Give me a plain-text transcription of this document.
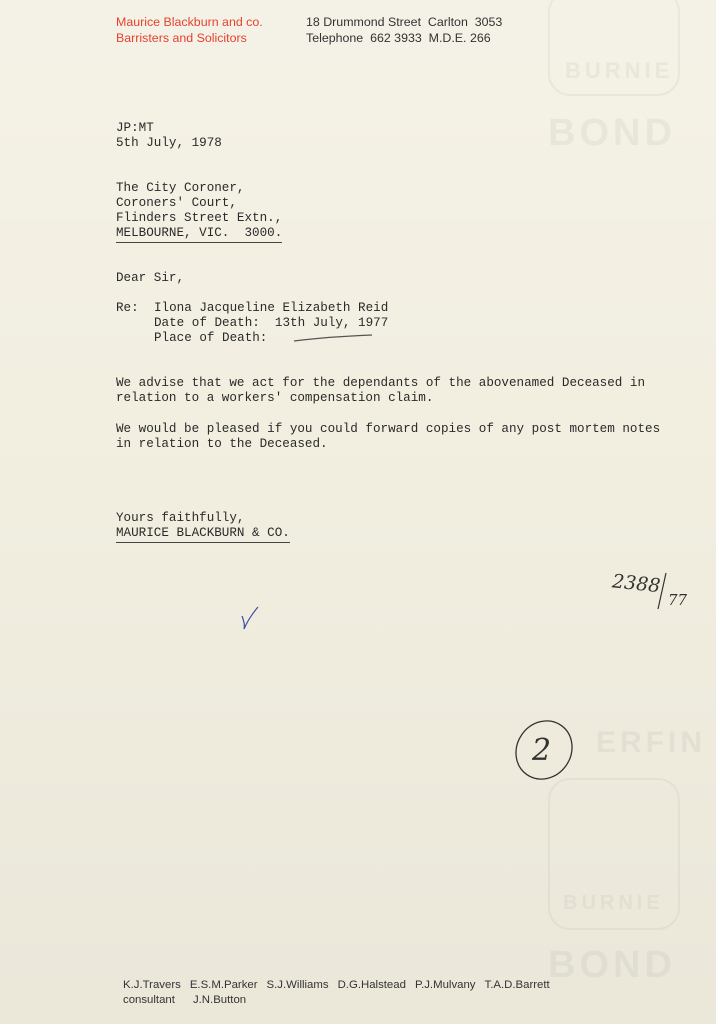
BURNIE
BOND
ERFIN
BURNIE
BOND
Maurice Blackburn and co.
Barristers and Solicitors
18 Drummond Street  Carlton  3053
Telephone  662 3933  M.D.E. 266
JP:MT
5th July, 1978
The City Coroner,
Coroners' Court,
Flinders Street Extn.,
MELBOURNE, VIC.  3000.
Dear Sir,
Re: Ilona Jacqueline Elizabeth Reid
Date of Death:  13th July, 1977
Place of Death:
We advise that we act for the dependants of the abovenamed Deceased in
relation to a workers' compensation claim.
We would be pleased if you could forward copies of any post mortem notes
in relation to the Deceased.
Yours faithfully,
MAURICE BLACKBURN & CO.
2388
77
2
K.J.Travers E.S.M.Parker S.J.Williams D.G.Halstead P.J.Mulvany T.A.D.Barrett
consultant J.N.Button
